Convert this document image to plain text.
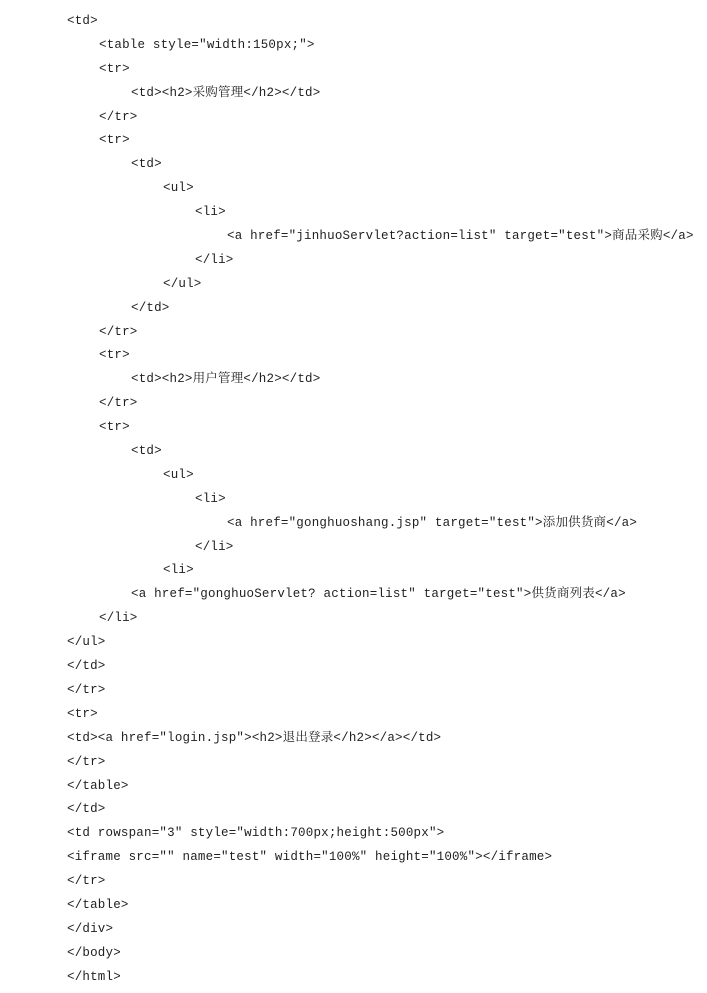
<td>
<table style="width:150px;">
<tr>
<td><h2>采购管理</h2></td>
</tr>
<tr>
<td>
<ul>
<li>
<a href="jinhuoServlet?action=list" target="test">商品采购</a>
</li>
</ul>
</td>
</tr>
<tr>
<td><h2>用户管理</h2></td>
</tr>
<tr>
<td>
<ul>
<li>
<a href="gonghuoshang.jsp" target="test">添加供货商</a>
</li>
<li>
<a href="gonghuoServlet? action=list" target="test">供货商列表</a>
</li>
</ul>
</td>
</tr>
<tr>
<td><a href="login.jsp"><h2>退出登录</h2></a></td>
</tr>
</table>
</td>
<td rowspan="3" style="width:700px;height:500px">
<iframe src="" name="test" width="100%" height="100%"></iframe>
</tr>
</table>
</div>
</body>
</html>
